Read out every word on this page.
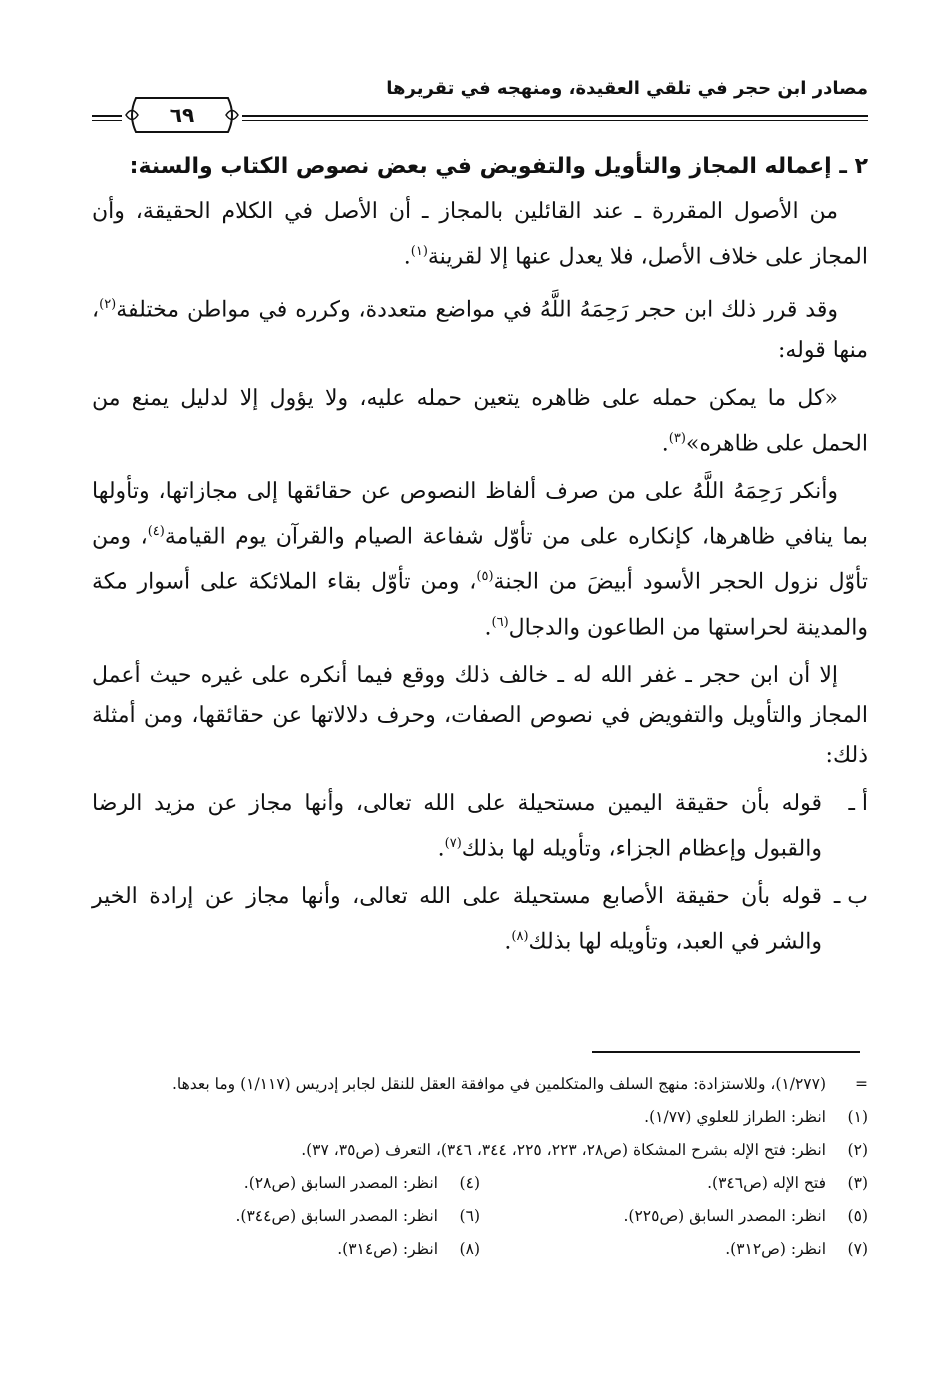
مصادر ابن حجر في تلقي العقيدة، ومنهجه في تقريرها
٦٩
٢ ـ إعماله المجاز والتأويل والتفويض في بعض نصوص الكتاب والسنة:

من الأصول المقررة ـ عند القائلين بالمجاز ـ أن الأصل في الكلام الحقيقة، وأن المجاز على خلاف الأصل، فلا يعدل عنها إلا لقرينة$^{(١)}$.

وقد قرر ذلك ابن حجر رَحِمَهُ اللَّهُ في مواضع متعددة، وكرره في مواطن مختلفة$^{(٢)}$، منها قوله:

«كل ما يمكن حمله على ظاهره يتعين حمله عليه، ولا يؤول إلا لدليل يمنع من الحمل على ظاهره»$^{(٣)}$.

وأنكر رَحِمَهُ اللَّهُ على من صرف ألفاظ النصوص عن حقائقها إلى مجازاتها، وتأولها بما ينافي ظاهرها، كإنكاره على من تأوّل شفاعة الصيام والقرآن يوم القيامة$^{(٤)}$، ومن تأوّل نزول الحجر الأسود أبيضَ من الجنة$^{(٥)}$، ومن تأوّل بقاء الملائكة على أسوار مكة والمدينة لحراستها من الطاعون والدجال$^{(٦)}$.

إلا أن ابن حجر ـ غفر الله له ـ خالف ذلك ووقع فيما أنكره على غيره حيث أعمل المجاز والتأويل والتفويض في نصوص الصفات، وحرف دلالاتها عن حقائقها، ومن أمثلة ذلك:

أ ـ
قوله بأن حقيقة اليمين مستحيلة على الله تعالى، وأنها مجاز عن مزيد الرضا والقبول وإعظام الجزاء، وتأويله لها بذلك$^{(٧)}$.
ب ـ
قوله بأن حقيقة الأصابع مستحيلة على الله تعالى، وأنها مجاز عن إرادة الخير والشر في العبد، وتأويله لها بذلك$^{(٨)}$.
=
(١/٢٧٧)، وللاستزادة: منهج السلف والمتكلمين في موافقة العقل للنقل لجابر إدريس (١/١١٧) وما بعدها.
(١)
انظر: الطراز للعلوي (١/٧٧).
(٢)
انظر: فتح الإله بشرح المشكاة (ص٢٨، ٢٢٣، ٢٢٥، ٣٤٤، ٣٤٦)، التعرف (ص٣٥، ٣٧).
(٣)
فتح الإله (ص٣٤٦).
(٤)
انظر: المصدر السابق (ص٢٨).
(٥)
انظر: المصدر السابق (ص٢٢٥).
(٦)
انظر: المصدر السابق (ص٣٤٤).
(٧)
انظر: (ص٣١٢).
(٨)
انظر: (ص٣١٤).
